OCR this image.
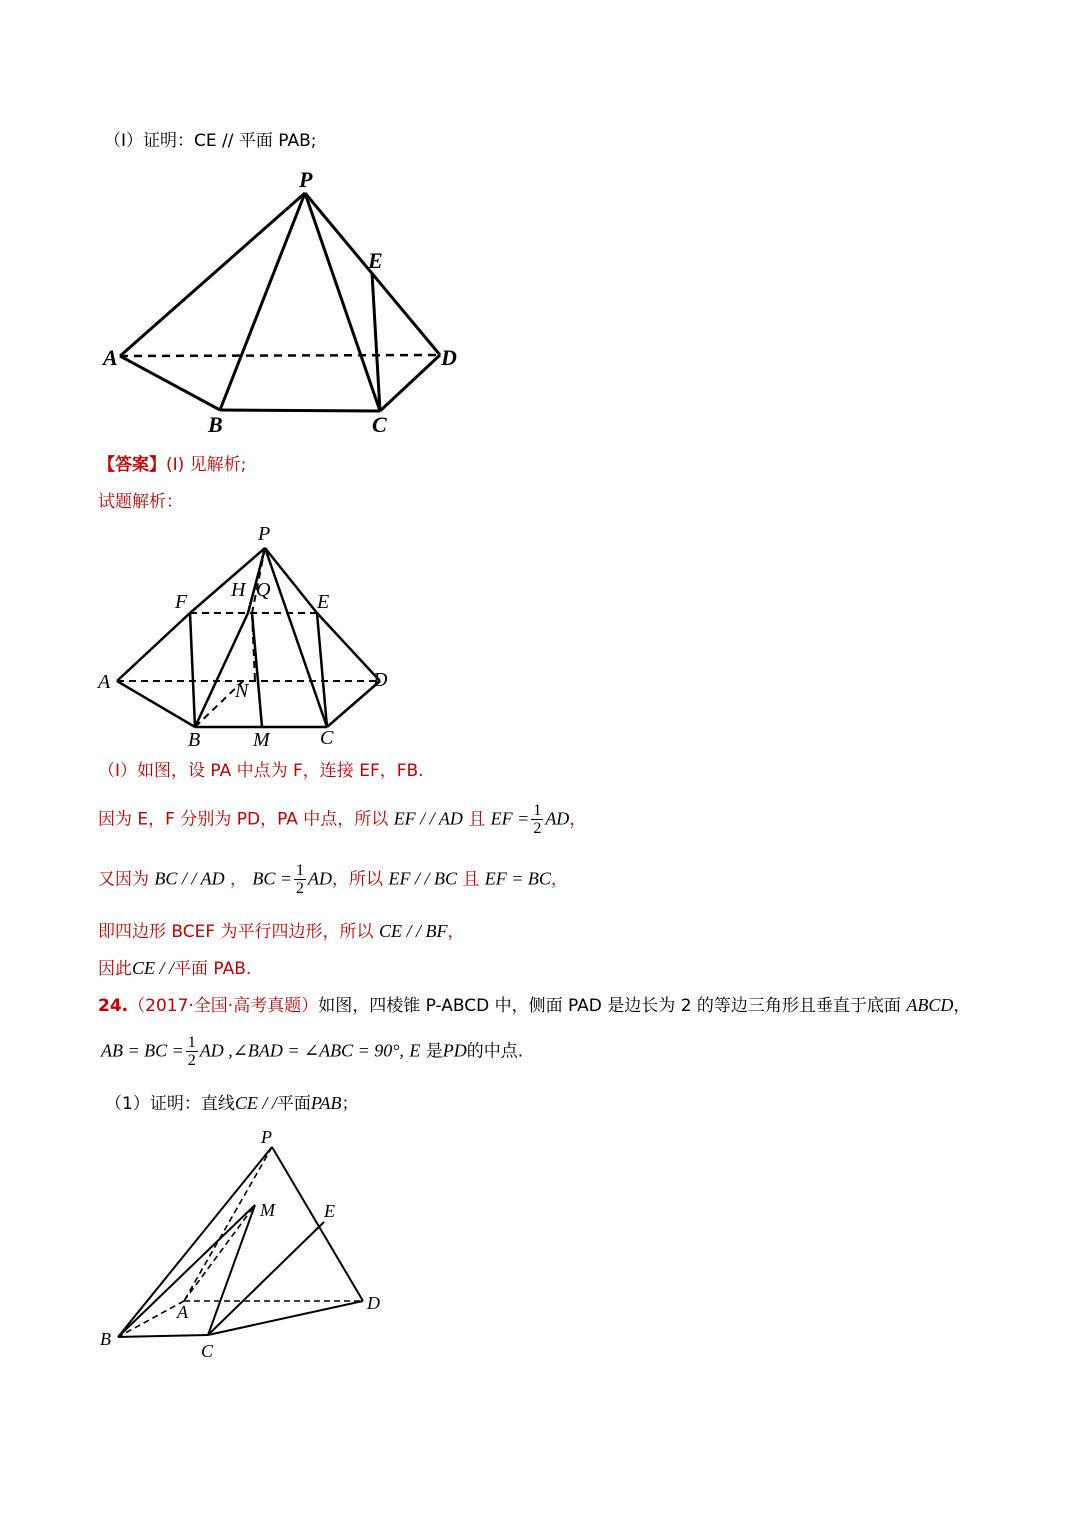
（I）证明：CE // 平面 PAB;
P
E
A	D
B	C
【答案】(I) 见解析;
试题解析：
P
H Q
F	E
A	N	D
B	M	C
（Ⅰ）如图，设 PA 中点为 F，连接 EF，FB.
因为 E，F 分别为 PD，PA 中点，所以 EF / / AD 且 EF = $\frac{1}{2}$ AD，
又因为 BC / / AD ， BC = $\frac{1}{2}$ AD，所以 EF / / BC 且 EF = BC，
即四边形 BCEF 为平行四边形，所以 CE / / BF，
因此CE / /平面 PAB.
24.（2017·全国·高考真题）如图，四棱锥 P-ABCD 中，侧面 PAD 是边长为 2 的等边三角形且垂直于底面 ABCD，
AB = BC = $\frac{1}{2}$ AD ,∠BAD = ∠ABC = 90°, E 是PD的中点.
（1）证明：直线CE / /平面PAB；
P
M	E
A	D
B
C
